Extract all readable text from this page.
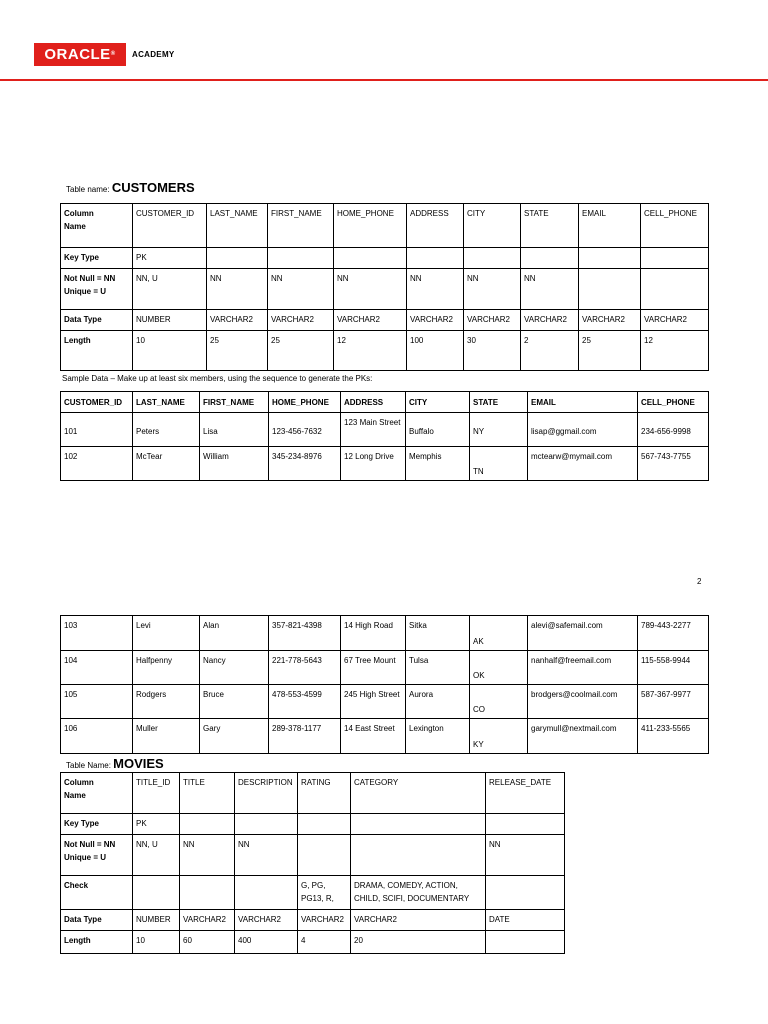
ORACLE®	ACADEMY
Table name: CUSTOMERS
Column
Name	CUSTOMER_ID	LAST_NAME	FIRST_NAME	HOME_PHONE	ADDRESS	CITY	STATE	EMAIL	CELL_PHONE
Key Type	PK								
Not Null = NN
Unique = U	NN, U	NN	NN	NN	NN	NN	NN		
Data Type	NUMBER	VARCHAR2	VARCHAR2	VARCHAR2	VARCHAR2	VARCHAR2	VARCHAR2	VARCHAR2	VARCHAR2
Length	10	25	25	12	100	30	2	25	12
Sample Data – Make up at least six members, using the sequence to generate the PKs:
CUSTOMER_ID	LAST_NAME	FIRST_NAME	HOME_PHONE	ADDRESS	CITY	STATE	EMAIL	CELL_PHONE
101	Peters	Lisa	123-456-7632	123 Main Street	Buffalo	NY	lisap@ggmail.com	234-656-9998
102	McTear	William	345-234-8976	12 Long Drive	Memphis	TN	mctearw@mymail.com	567-743-7755
2
103	Levi	Alan	357-821-4398	14 High Road	Sitka	AK	alevi@safemail.com	789-443-2277
104	Halfpenny	Nancy	221-778-5643	67 Tree Mount	Tulsa	OK	nanhalf@freemail.com	115-558-9944
105	Rodgers	Bruce	478-553-4599	245 High Street	Aurora	CO	brodgers@coolmail.com	587-367-9977
106	Muller	Gary	289-378-1177	14 East Street	Lexington	KY	garymull@nextmail.com	411-233-5565
Table Name: MOVIES
Column
Name	TITLE_ID	TITLE	DESCRIPTION	RATING	CATEGORY	RELEASE_DATE
Key Type	PK					
Not Null = NN
Unique = U	NN, U	NN	NN			NN
Check				G, PG, PG13, R,	DRAMA, COMEDY, ACTION, CHILD, SCIFI, DOCUMENTARY	
Data Type	NUMBER	VARCHAR2	VARCHAR2	VARCHAR2	VARCHAR2	DATE
Length	10	60	400	4	20	
